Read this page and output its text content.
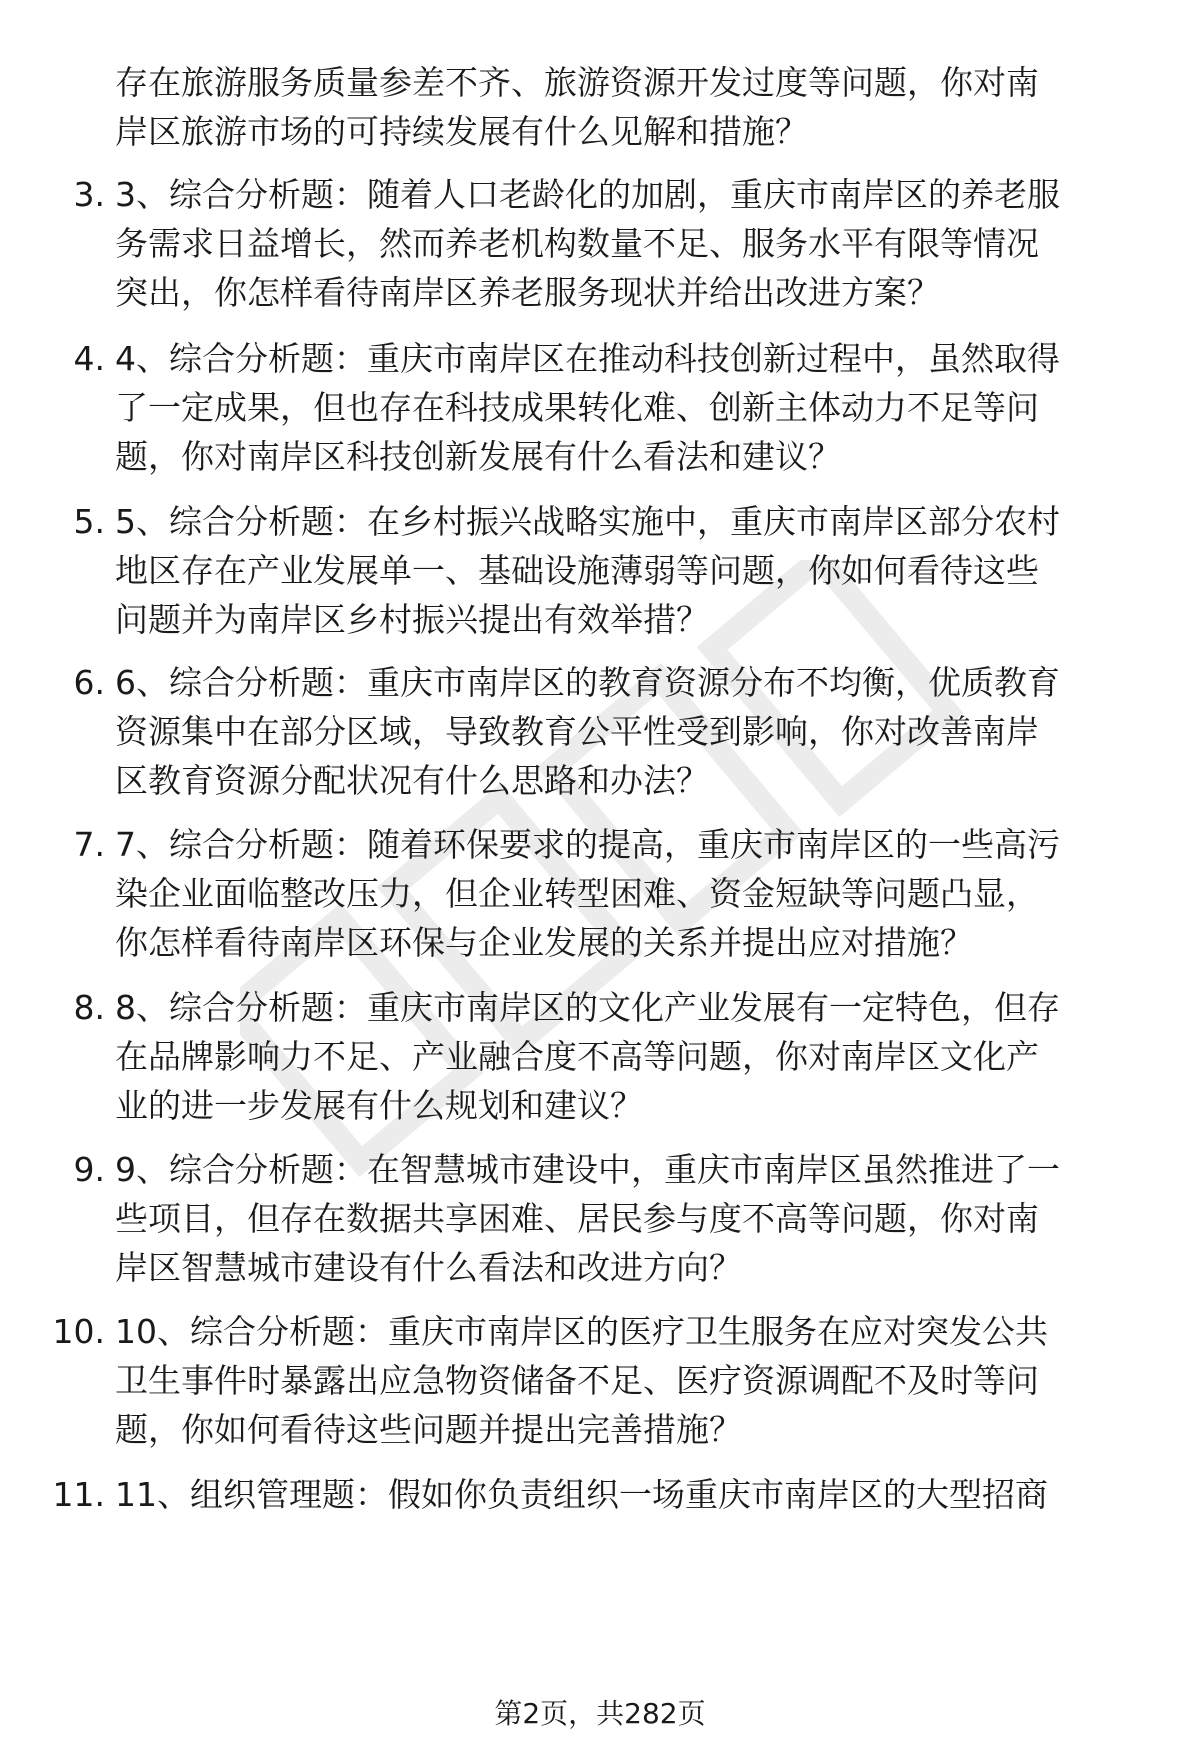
存在旅游服务质量参差不齐、旅游资源开发过度等问题，你对南
岸区旅游市场的可持续发展有什么见解和措施？
3. 3、综合分析题：随着人口老龄化的加剧，重庆市南岸区的养老服
务需求日益增长，然而养老机构数量不足、服务水平有限等情况
突出，你怎样看待南岸区养老服务现状并给出改进方案？
4. 4、综合分析题：重庆市南岸区在推动科技创新过程中，虽然取得
了一定成果，但也存在科技成果转化难、创新主体动力不足等问
题，你对南岸区科技创新发展有什么看法和建议？
5. 5、综合分析题：在乡村振兴战略实施中，重庆市南岸区部分农村
地区存在产业发展单一、基础设施薄弱等问题，你如何看待这些
问题并为南岸区乡村振兴提出有效举措？
6. 6、综合分析题：重庆市南岸区的教育资源分布不均衡，优质教育
资源集中在部分区域，导致教育公平性受到影响，你对改善南岸
区教育资源分配状况有什么思路和办法？
7. 7、综合分析题：随着环保要求的提高，重庆市南岸区的一些高污
染企业面临整改压力，但企业转型困难、资金短缺等问题凸显，
你怎样看待南岸区环保与企业发展的关系并提出应对措施？
8. 8、综合分析题：重庆市南岸区的文化产业发展有一定特色，但存
在品牌影响力不足、产业融合度不高等问题，你对南岸区文化产
业的进一步发展有什么规划和建议？
9. 9、综合分析题：在智慧城市建设中，重庆市南岸区虽然推进了一
些项目，但存在数据共享困难、居民参与度不高等问题，你对南
岸区智慧城市建设有什么看法和改进方向？
10. 10、综合分析题：重庆市南岸区的医疗卫生服务在应对突发公共
卫生事件时暴露出应急物资储备不足、医疗资源调配不及时等问
题，你如何看待这些问题并提出完善措施？
11. 11、组织管理题：假如你负责组织一场重庆市南岸区的大型招商
第2页，共282页
